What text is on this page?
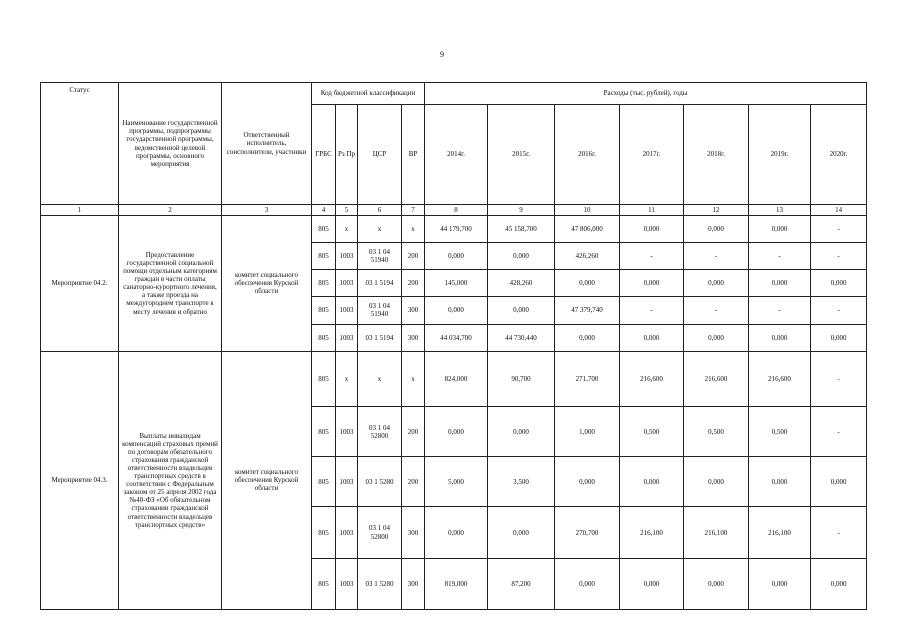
9
Статус	Наименование государственной программы, подпрограммы государственной программы, ведомственной целевой программы, основного мероприятия	Ответственный исполнитель, соисполнители, участники	Код бюджетной классификации				Расходы (тыс. рублей), годы						
			ГРБС	Рз Пр	ЦСР	ВР	2014г.	2015г.	2016г.	2017г.	2018г.	2019г.	2020г.
1	2	3	4	5	6	7	8	9	10	11	12	13	14
Мероприятие 04.2.	Предоставление государственной социальной помощи отдельным категориям граждан в части оплаты санаторно-курортного лечения, а также проезда на междугороднем транспорте к месту лечения и обратно	комитет социального обеспечения Курской области	805	x	x	x	44 179,700	45 158,700	47 806,000	0,000	0,000	0,000	-
			805	1003	03 1 04 51940	200	0,000	0,000	426,260	-	-	-	-
			805	1003	03 1 5194	200	145,000	428,260	0,000	0,000	0,000	0,000	0,000
			805	1003	03 1 04 51940	300	0,000	0,000	47 379,740	-	-	-	-
			805	1003	03 1 5194	300	44 034,700	44 730,440	0,000	0,000	0,000	0,000	0,000
Мероприятие 04.3.	Выплаты инвалидам компенсаций страховых премий по договорам обязательного страхования гражданской ответственности владельцев транспортных средств в соответствии с Федеральным законом от 25 апреля 2002 года №40-ФЗ «Об обязательном страховании гражданской ответственности владельцев транспортных средств»	комитет социального обеспечения Курской области	805	x	x	x	824,000	90,700	271,700	216,600	216,600	216,600	-
			805	1003	03 1 04 52800	200	0,000	0,000	1,000	0,500	0,500	0,500	-
			805	1003	03 1 5280	200	5,000	3,500	0,000	0,000	0,000	0,000	0,000
			805	1003	03 1 04 52800	300	0,000	0,000	270,700	216,100	216,100	216,100	-
			805	1003	03 1 5280	300	819,000	87,200	0,000	0,000	0,000	0,000	0,000
